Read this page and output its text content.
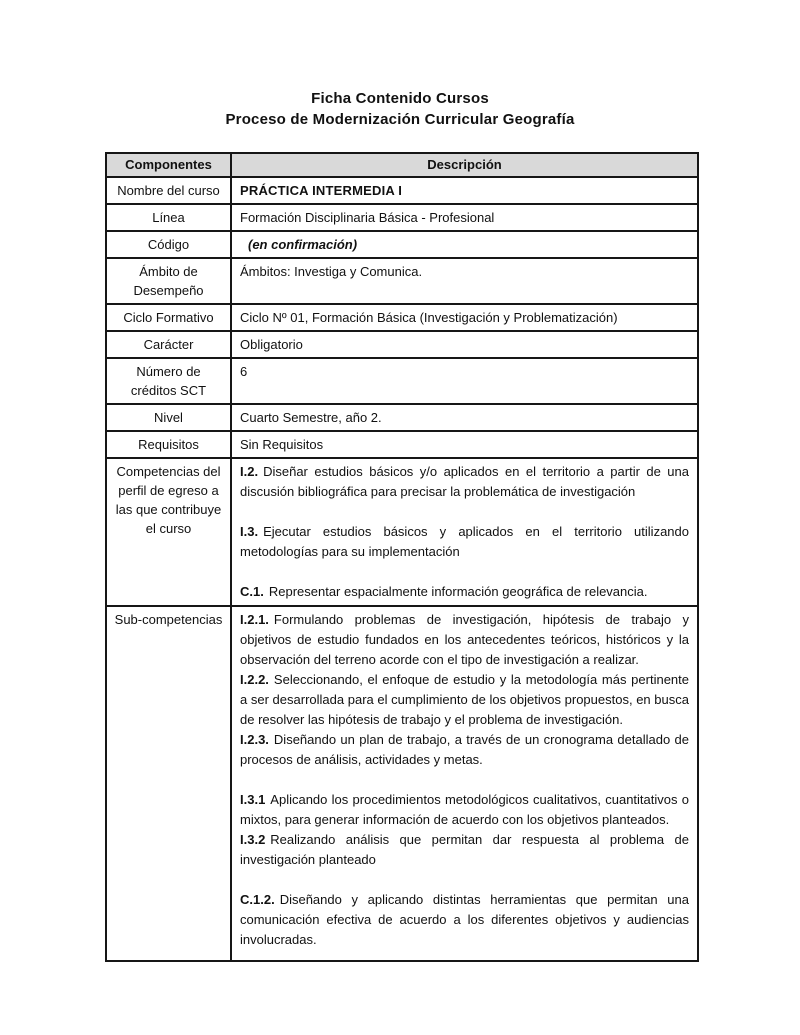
Ficha Contenido Cursos
Proceso de Modernización Curricular Geografía
Componentes	Descripción
Nombre del curso	PRÁCTICA INTERMEDIA I
Línea	Formación Disciplinaria Básica - Profesional
Código	(en confirmación)
Ámbito de Desempeño	Ámbitos: Investiga y Comunica.
Ciclo Formativo	Ciclo Nº 01, Formación Básica (Investigación y Problematización)
Carácter	Obligatorio
Número de créditos SCT	6
Nivel	Cuarto Semestre, año 2.
Requisitos	Sin Requisitos
Competencias del perfil de egreso a las que contribuye el curso	I.2. Diseñar estudios básicos y/o aplicados en el territorio a partir de una discusión bibliográfica para precisar la problemática de investigación

I.3. Ejecutar estudios básicos y aplicados en el territorio utilizando metodologías para su implementación

C.1. Representar espacialmente información geográfica de relevancia.

Sub-competencias	I.2.1. Formulando problemas de investigación, hipótesis de trabajo y objetivos de estudio fundados en los antecedentes teóricos, históricos y la observación del terreno acorde con el tipo de investigación a realizar.

I.2.2. Seleccionando, el enfoque de estudio y la metodología más pertinente a ser desarrollada para el cumplimiento de los objetivos propuestos, en busca de resolver las hipótesis de trabajo y el problema de investigación.

I.2.3. Diseñando un plan de trabajo, a través de un cronograma detallado de procesos de análisis, actividades y metas.

I.3.1 Aplicando los procedimientos metodológicos cualitativos, cuantitativos o mixtos, para generar información de acuerdo con los objetivos planteados.

I.3.2 Realizando análisis que permitan dar respuesta al problema de investigación planteado

C.1.2. Diseñando y aplicando distintas herramientas que permitan una comunicación efectiva de acuerdo a los diferentes objetivos y audiencias involucradas.
